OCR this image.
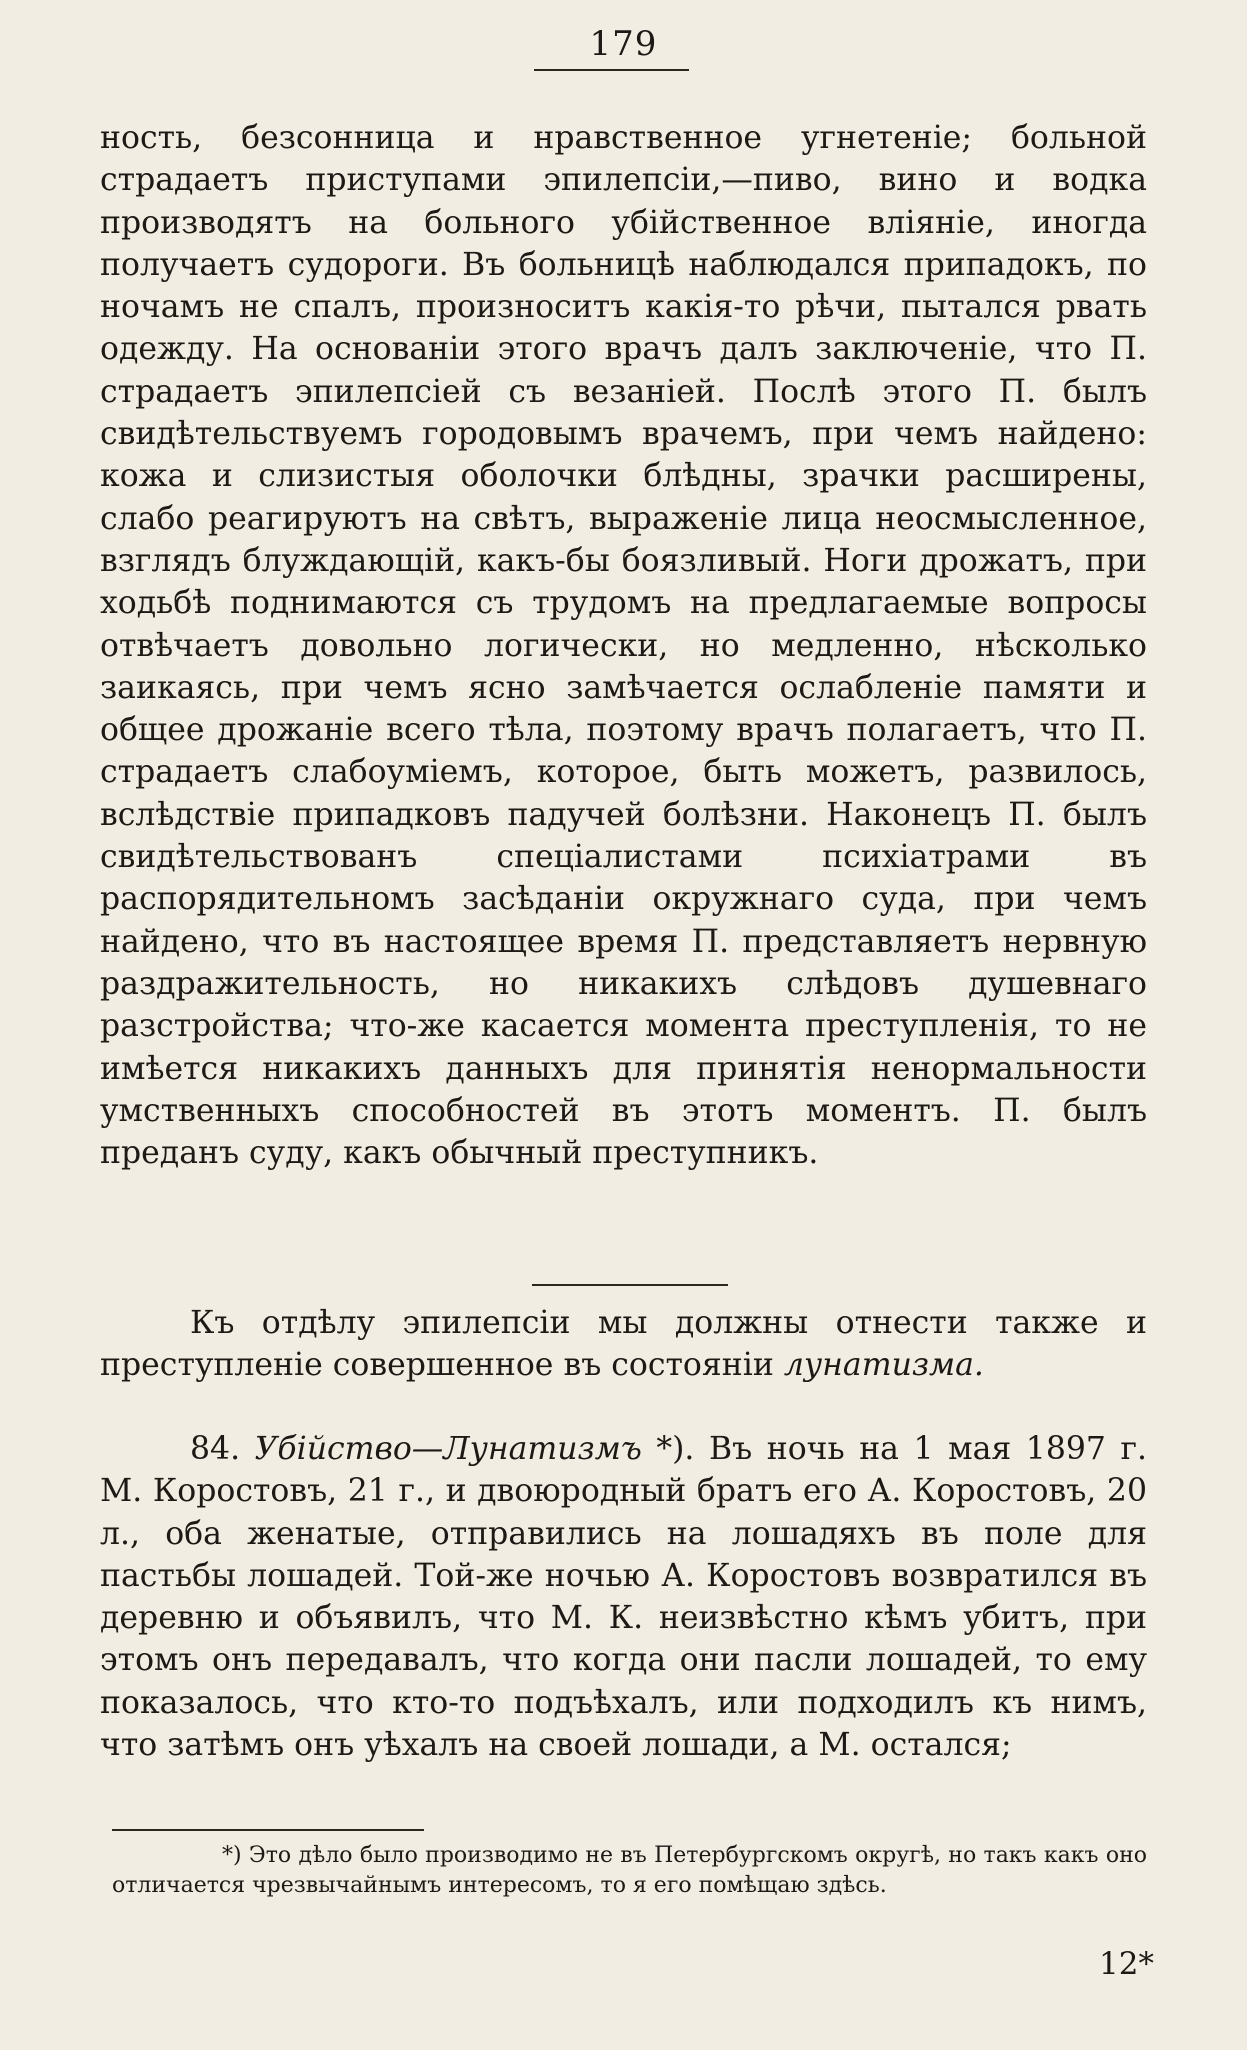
179

ность, безсонница и нравственное угнетенiе; больной страдаетъ приступами эпилепсiи,—пиво, вино и водка производятъ на больного убiйственное влiянiе, иногда получаетъ судороги. Въ больницѣ наблюдался припадокъ, по ночамъ не спалъ, произноситъ какiя-то рѣчи, пытался рвать одежду. На основанiи этого врачъ далъ заключенiе, что П. страдаетъ эпилепсiей съ везанiей. Послѣ этого П. былъ свидѣтельствуемъ городовымъ врачемъ, при чемъ найдено: кожа и слизистыя оболочки блѣдны, зрачки расширены, слабо реагируютъ на свѣтъ, выраженiе лица неосмысленное, взглядъ блуждающiй, какъ-бы боязливый. Ноги дрожатъ, при ходьбѣ поднимаются съ трудомъ на предлагаемые вопросы отвѣчаетъ довольно логически, но медленно, нѣсколько заикаясь, при чемъ ясно замѣчается ослабленiе памяти и общее дрожанiе всего тѣла, поэтому врачъ полагаетъ, что П. страдаетъ слабоумiемъ, которое, быть можетъ, развилось, вслѣдствiе припадковъ падучей болѣзни. Наконецъ П. былъ свидѣтельствованъ спецiалистами психiатрами въ распорядительномъ засѣданiи окружнаго суда, при чемъ найдено, что въ настоящее время П. представляетъ нервную раздражительность, но никакихъ слѣдовъ душевнаго разстройства; что-же касается момента преступленiя, то не имѣется никакихъ данныхъ для принятiя ненормальности умственныхъ способностей въ этотъ моментъ. П. былъ преданъ суду, какъ обычный преступникъ.

Къ отдѣлу эпилепсiи мы должны отнести также и преступленiе совершенное въ состоянiи лунатизма.

84. Убiйство—Лунатизмъ *). Въ ночь на 1 мая 1897 г. М. Коростовъ, 21 г., и двоюродный братъ его А. Коростовъ, 20 л., оба женатые, отправились на лошадяхъ въ поле для пастьбы лошадей. Той-же ночью А. Коростовъ возвратился въ деревню и объявилъ, что М. К. неизвѣстно кѣмъ убитъ, при этомъ онъ передавалъ, что когда они пасли лошадей, то ему показалось, что кто-то подъѣхалъ, или подходилъ къ нимъ, что затѣмъ онъ уѣхалъ на своей лошади, а М. остался;

*) Это дѣло было производимо не въ Петербургскомъ округѣ, но такъ какъ оно отличается чрезвычайнымъ интересомъ, то я его помѣщаю здѣсь.

12*
